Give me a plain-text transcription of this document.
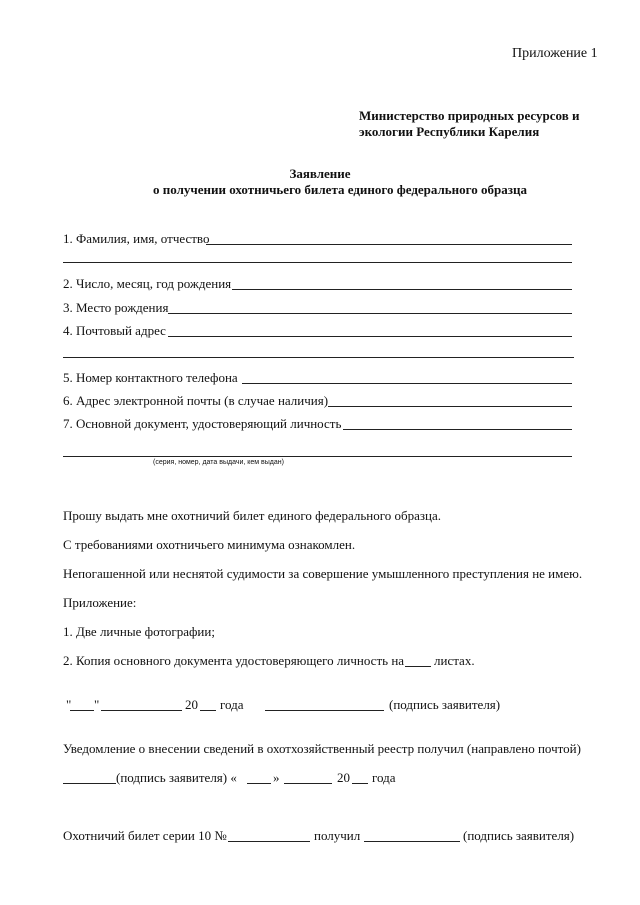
Приложение 1
Министерство природных ресурсов и
экологии Республики Карелия
Заявление
о получении охотничьего билета единого федерального образца
1. Фамилия, имя, отчество
2. Число, месяц, год рождения
3. Место рождения
4. Почтовый адрес
5. Номер контактного телефона
6. Адрес электронной почты (в случае наличия)
7. Основной документ, удостоверяющий личность
(серия, номер, дата выдачи, кем выдан)
Прошу выдать мне охотничий билет единого федерального образца.
С требованиями охотничьего минимума ознакомлен.
Непогашенной или неснятой судимости за совершение умышленного преступления не имею.
Приложение:
1. Две личные фотографии;
2. Копия основного документа удостоверяющего личность на листах.
" "	20 года	(подпись заявителя)
Уведомление о внесении сведений в охотхозяйственный реестр получил (направлено почтой)
(подпись заявителя) «	»	20 года
Охотничий билет серии 10 №	получил	(подпись заявителя)
